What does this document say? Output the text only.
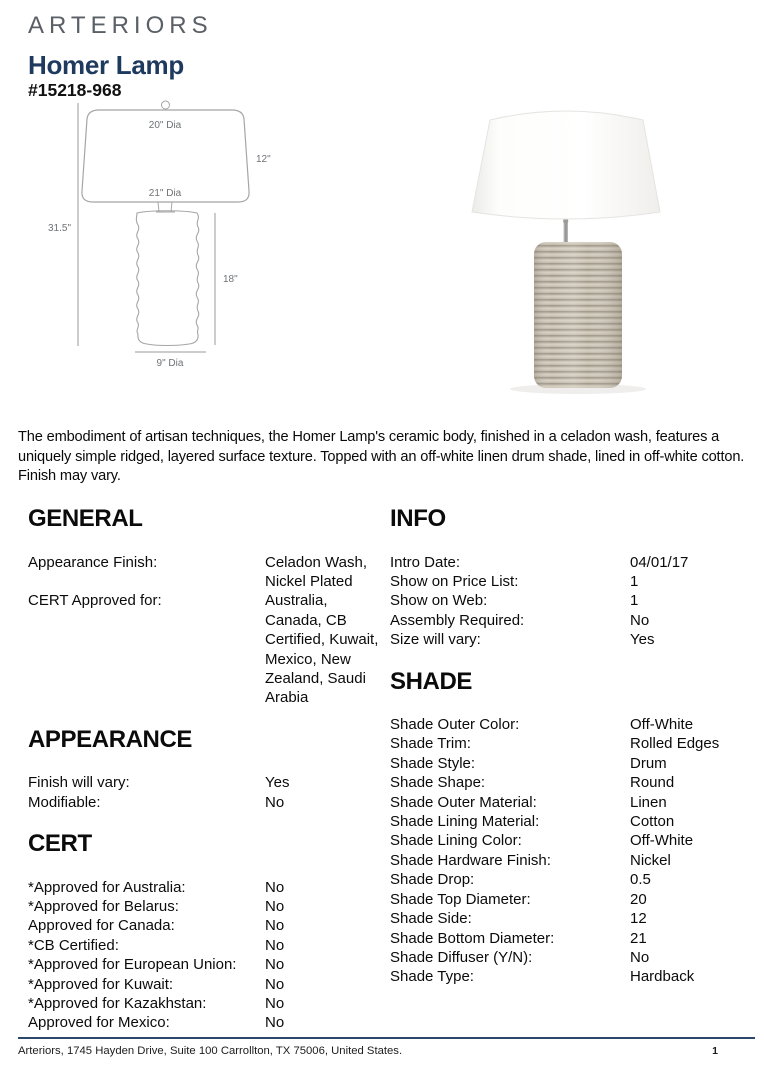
ARTERIORS
Homer Lamp
#15218-968
31.5"
20" Dia
21" Dia
12"
18"
9" Dia
The embodiment of artisan techniques, the Homer Lamp's ceramic body, finished in a celadon wash, features a uniquely simple ridged, layered surface texture. Topped with an off-white linen drum shade, lined in off-white cotton. Finish may vary.
GENERAL
Appearance Finish:	Celadon Wash, Nickel Plated
CERT Approved for:	Australia, Canada, CB Certified, Kuwait, Mexico, New Zealand, Saudi Arabia
APPEARANCE
Finish will vary:	Yes
Modifiable:	No
CERT
*Approved for Australia:	No
*Approved for Belarus:	No
Approved for Canada:	No
*CB Certified:	No
*Approved for European Union:	No
*Approved for Kuwait:	No
*Approved for Kazakhstan:	No
Approved for Mexico:	No
INFO
Intro Date:	04/01/17
Show on Price List:	1
Show on Web:	1
Assembly Required:	No
Size will vary:	Yes
SHADE
Shade Outer Color:	Off-White
Shade Trim:	Rolled Edges
Shade Style:	Drum
Shade Shape:	Round
Shade Outer Material:	Linen
Shade Lining Material:	Cotton
Shade Lining Color:	Off-White
Shade Hardware Finish:	Nickel
Shade Drop:	0.5
Shade Top Diameter:	20
Shade Side:	12
Shade Bottom Diameter:	21
Shade Diffuser (Y/N):	No
Shade Type:	Hardback
Arteriors, 1745 Hayden Drive, Suite 100 Carrollton, TX 75006, United States.	1
